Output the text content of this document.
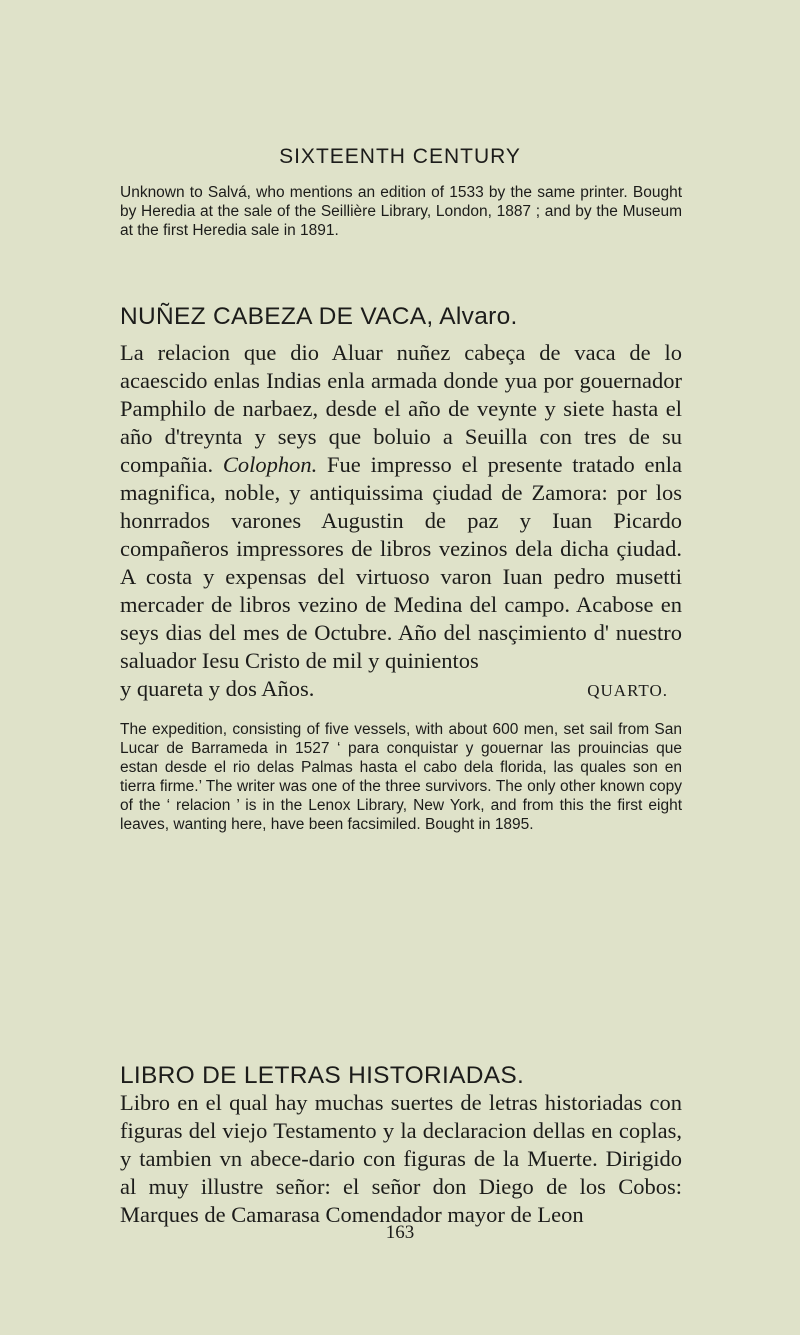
SIXTEENTH CENTURY
Unknown to Salvá, who mentions an edition of 1533 by the same printer. Bought by Heredia at the sale of the Seillière Library, London, 1887 ; and by the Museum at the first Heredia sale in 1891.
NUÑEZ CABEZA DE VACA, Alvaro.
La relacion que dio Aluar nuñez cabeça de vaca de lo acaescido enlas Indias enla armada donde yua por gouernador Pamphilo de narbaez, desde el año de veynte y siete hasta el año d'treynta y seys que boluio a Seuilla con tres de su compañia. Colophon. Fue impresso el presente tratado enla magnifica, noble, y antiquissima çiudad de Zamora: por los honrrados varones Augustin de paz y Iuan Picardo compañeros impressores de libros vezinos dela dicha çiudad. A costa y expensas del virtuoso varon Iuan pedro musetti mercader de libros vezino de Medina del campo. Acabose en seys dias del mes de Octubre. Año del nasçimiento d' nuestro saluador Iesu Cristo de mil y quinientos
y quareta y dos Años.	QUARTO.
The expedition, consisting of five vessels, with about 600 men, set sail from San Lucar de Barrameda in 1527 ‘ para conquistar y gouernar las prouincias que estan desde el rio delas Palmas hasta el cabo dela florida, las quales son en tierra firme.’ The writer was one of the three survivors. The only other known copy of the ‘ relacion ’ is in the Lenox Library, New York, and from this the first eight leaves, wanting here, have been facsimiled. Bought in 1895.
LIBRO DE LETRAS HISTORIADAS.
Libro en el qual hay muchas suertes de letras historiadas con figuras del viejo Testamento y la declaracion dellas en coplas, y tambien vn abece-dario con figuras de la Muerte. Dirigido al muy illustre señor: el señor don Diego de los Cobos: Marques de Camarasa Comendador mayor de Leon
163
